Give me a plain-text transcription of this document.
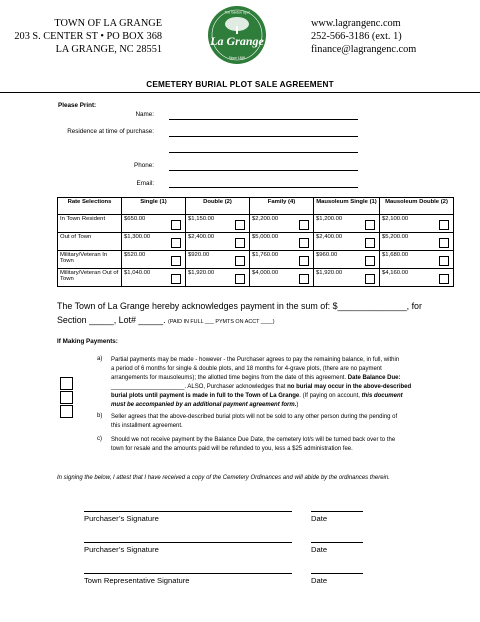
TOWN OF LA GRANGE
203 S. CENTER ST • PO BOX 368
LA GRANGE, NC 28551
La Grange
The Garden Spot
Since 1869
www.lagrangenc.com
252-566-3186 (ext. 1)
finance@lagrangenc.com
CEMETERY BURIAL PLOT SALE AGREEMENT
Please Print:
Name:
Residence at time of purchase:
Phone:
Email:
Rate Selections	Single (1)	Double (2)	Family (4)	Mausoleum Single (1)	Mausoleum Double (2)
In Town Resident	$650.00	$1,150.00	$2,200.00	$1,200.00	$2,100.00

Out of Town	$1,300.00	$2,400.00	$5,000.00	$2,400.00	$5,200.00

Military/Veteran In Town	$520.00	$920.00	$1,760.00	$960.00	$1,680.00

Military/Veteran Out of Town	$1,040.00	$1,920.00	$4,000.00	$1,920.00	$4,160.00
The Town of La Grange hereby acknowledges payment in the sum of: $______________, for
Section _____, Lot# _____. (PAID IN FULL ___ PYMTS ON ACCT ____)
If Making Payments:
a) Partial payments may be made - however - the Purchaser agrees to pay the remaining balance, in full, within
a period of 6 months for single & double plots, and 18 months for 4-grave plots, (there are no payment
arrangements for mausoleums); the allotted time begins from the date of this agreement. Date Balance Due:
______________________. ALSO, Purchaser acknowledges that no burial may occur in the above-described
burial plots until payment is made in full to the Town of La Grange. (If paying on account, this document
must be accompanied by an additional payment agreement form.)
b) Seller agrees that the above-described burial plots will not be sold to any other person during the pending of
this installment agreement.
c) Should we not receive payment by the Balance Due Date, the cemetery lot/s will be turned back over to the
town for resale and the amounts paid will be refunded to you, less a $25 administration fee.
In signing the below, I attest that I have received a copy of the Cemetery Ordinances and will abide by the ordinances therein.
Purchaser’s Signature	Date
Purchaser’s Signature	Date
Town Representative Signature	Date
